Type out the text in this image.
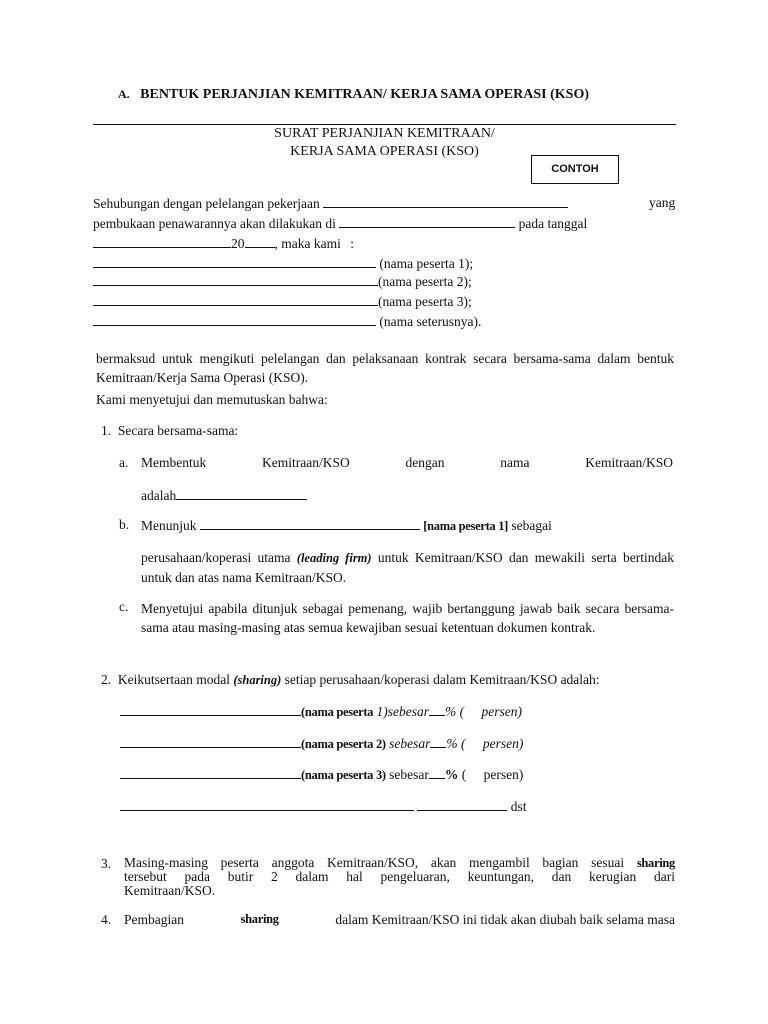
A. BENTUK PERJANJIAN KEMITRAAN/ KERJA SAMA OPERASI (KSO)
SURAT PERJANJIAN KEMITRAAN/
KERJA SAMA OPERASI (KSO)
CONTOH
Sehubungan dengan pelelangan pekerjaan	yang
pembukaan penawarannya akan dilakukan di	pada tanggal
20 , maka kami :
(nama peserta 1);
(nama peserta 2);
(nama peserta 3);
(nama seterusnya).
bermaksud untuk mengikuti pelelangan dan pelaksanaan kontrak secara bersama-sama dalam bentuk Kemitraan/Kerja Sama Operasi (KSO).
Kami menyetujui dan memutuskan bahwa:
1. Secara bersama-sama:
a. Membentuk	Kemitraan/KSO	dengan	nama	Kemitraan/KSO
adalah
b. Menunjuk	[nama peserta 1] sebagai
perusahaan/koperasi utama (leading firm) untuk Kemitraan/KSO dan mewakili serta bertindak untuk dan atas nama Kemitraan/KSO.
c. Menyetujui apabila ditunjuk sebagai pemenang, wajib bertanggung jawab baik secara bersama-sama atau masing-masing atas semua kewajiban sesuai ketentuan dokumen kontrak.
2. Keikutsertaan modal (sharing) setiap perusahaan/koperasi dalam Kemitraan/KSO adalah:
(nama peserta 1)sebesar % ( persen)
(nama peserta 2) sebesar % ( persen)
(nama peserta 3) sebesar % ( persen)
dst
3. Masing-masing peserta anggota Kemitraan/KSO, akan mengambil bagian sesuai sharing
tersebut pada butir 2 dalam hal pengeluaran, keuntungan, dan kerugian dari
Kemitraan/KSO.
4. Pembagian	sharing	dalam Kemitraan/KSO ini tidak akan diubah baik selama masa
